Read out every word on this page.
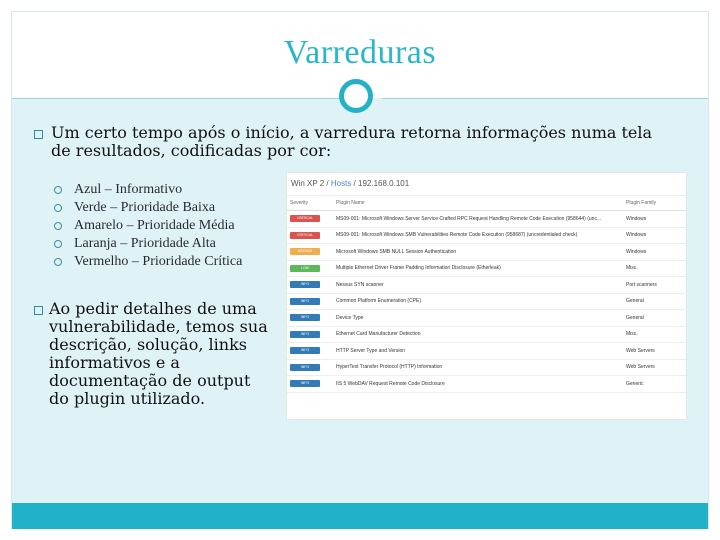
Varreduras
Um certo tempo após o início, a varredura retorna informações numa tela
de resultados, codificadas por cor:
Azul – Informativo
Verde – Prioridade Baixa
Amarelo – Prioridade Média
Laranja – Prioridade Alta
Vermelho – Prioridade Crítica
Ao pedir detalhes de uma
vulnerabilidade, temos sua
descrição, solução, links
informativos e a
documentação de output
do plugin utilizado.
Win XP 2 / Hosts / 192.168.0.101
Severity	Plugin Name	Plugin Family
CRITICAL	MS09-001: Microsoft Windows Server Service Crafted RPC Request Handling Remote Code Execution (958644) (unc...	Windows
CRITICAL	MS09-001: Microsoft Windows SMB Vulnerabilities Remote Code Execution (958687) (uncredentialed check)	Windows
MEDIUM	Microsoft Windows SMB NULL Session Authentication	Windows
LOW	Multiple Ethernet Driver Frame Padding Information Disclosure (Etherleak)	Misc.
INFO	Nessus SYN scanner	Port scanners
INFO	Common Platform Enumeration (CPE)	General
INFO	Device Type	General
INFO	Ethernet Card Manufacturer Detection	Misc.
INFO	HTTP Server Type and Version	Web Servers
INFO	HyperText Transfer Protocol (HTTP) Information	Web Servers
INFO	IIS 5 WebDAV Request Remote Code Disclosure	Generic
